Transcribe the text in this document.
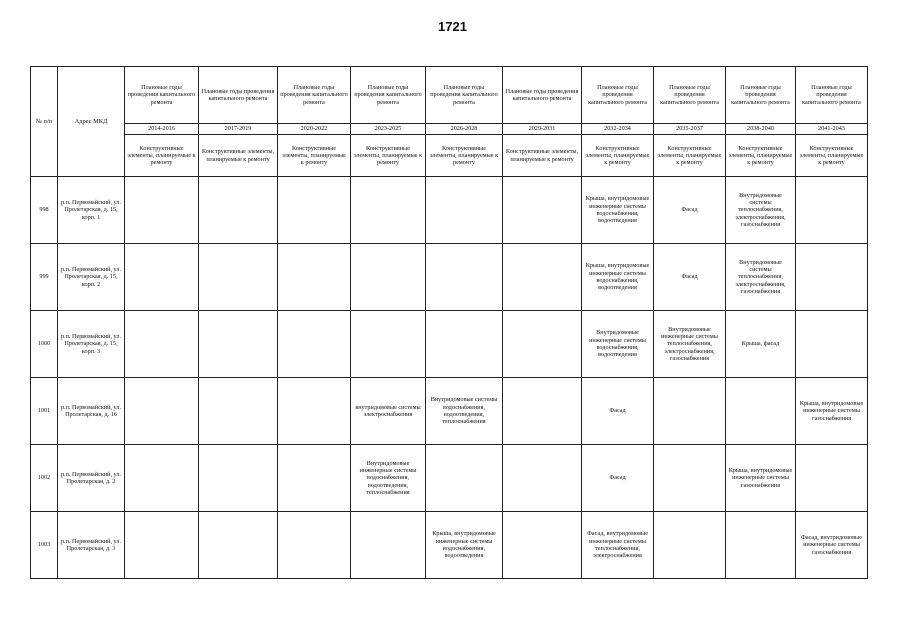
1721
№ п/п	Адрес МКД	Плановые годы проведения капитального ремонта	Плановые годы проведения капитального ремонта	Плановые годы проведения капитального ремонта	Плановые годы проведения капитального ремонта	Плановые годы проведения капитального ремонта	Плановые годы проведения капитального ремонта	Плановые годы проведения капитального ремонта	Плановые годы проведения капитального ремонта	Плановые годы проведения капитального ремонта	Плановые годы проведения капитального ремонта
		2014-2016	2017-2019	2020-2022	2023-2025	2026-2028	2029-2031	2032-2034	2035-2037	2038-2040	2041-2043
		Конструктивные элементы, планируемые к ремонту	Конструктивные элементы, планируемые к ремонту	Конструктивные элементы, планируемые к ремонту	Конструктивные элементы, планируемые к ремонту	Конструктивные элементы, планируемые к ремонту	Конструктивные элементы, планируемые к ремонту	Конструктивные элементы, планируемые к ремонту	Конструктивные элементы, планируемые к ремонту	Конструктивные элементы, планируемые к ремонту	Конструктивные элементы, планируемые к ремонту
998	р.п. Первомайский, ул. Пролетарская, д. 15, корп. 1							Крыша, внутридомовые инженерные системы водоснабжения, водоотведения	Фасад	Внутридомовые системы теплоснабжения, электроснабжения, газоснабжения	
999	р.п. Первомайский, ул. Пролетарская, д. 15, корп. 2							Крыша, внутридомовые инженерные системы водоснабжения, водоотведения	Фасад	Внутридомовые системы теплоснабжения, электроснабжения, газоснабжения	
1000	р.п. Первомайский, ул. Пролетарская, д. 15, корп. 3							Внутридомовые инженерные системы водоснабжения, водоотведения	Внутридомовые инженерные системы теплоснабжения, электроснабжения, газоснабжения	Крыша, фасад	
1001	р.п. Первомайский, ул. Пролетарская, д. 16				внутридомовые системы электроснабжения	Внутридомовые системы водоснабжения, водоотведения, теплоснабжения		Фасад			Крыша, внутридомовые инженерные системы газоснабжения
1002	р.п. Первомайский, ул. Пролетарская, д. 2				Внутридомовые инженерные системы водоснабжения, водоотведения, теплоснабжения			Фасад		Крыша, внутридомовые инженерные системы газоснабжения	
1003	р.п. Первомайский, ул. Пролетарская, д. 3					Крыша, внутридомовые инженерные системы водоснабжения, водоотведения		Фасад, внутридомовые инженерные системы теплоснабжения, электроснабжения			Фасад, внутридомовые инженерные системы газоснабжения
